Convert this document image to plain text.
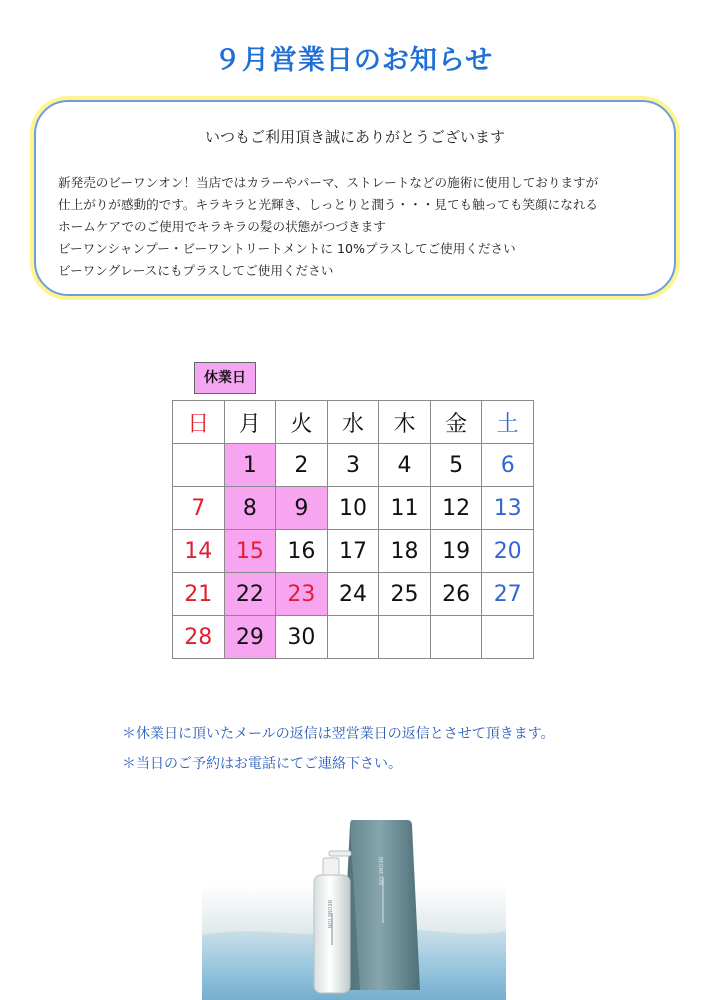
９月営業日のお知らせ
いつもご利用頂き誠にありがとうございます
新発売のビーワンオン！当店ではカラーやパーマ、ストレートなどの施術に使用しておりますが
仕上がりが感動的です。キラキラと光輝き、しっとりと潤う・・・見ても触っても笑顔になれる
ホームケアでのご使用でキラキラの髪の状態がつづきます
ビーワンシャンプー・ビーワントリートメントに 10%プラスしてご使用ください
ビーワングレースにもプラスしてご使用ください
休業日
日	月	火	水	木	金	土
	1	2	3	4	5	6
7	8	9	10	11	12	13
14	15	16	17	18	19	20
21	22	23	24	25	26	27
28	29	30				
＊休業日に頂いたメールの返信は翌営業日の返信とさせて頂きます。
＊当日のご予約はお電話にてご連絡下さい。
BEONE ION
BEONE ION
